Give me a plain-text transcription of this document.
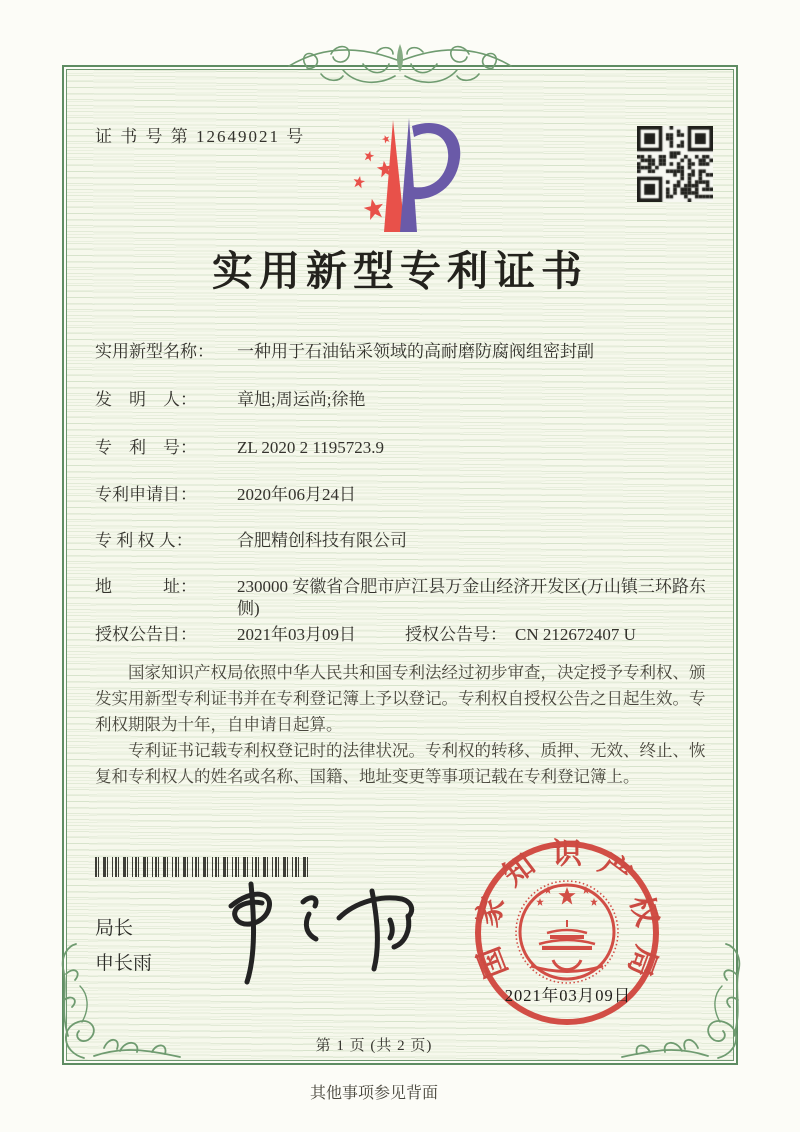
证 书 号 第 12649021 号
实用新型专利证书
实用新型名称：	一种用于石油钻采领域的高耐磨防腐阀组密封副
发　明　人：	章旭;周运尚;徐艳
专　利　号：	ZL 2020 2 1195723.9
专利申请日：	2020年06月24日
专 利 权 人：	合肥精创科技有限公司
地　　　址：	230000 安徽省合肥市庐江县万金山经济开发区(万山镇三环路东侧)
授权公告日：	2021年03月09日	授权公告号： CN 212672407 U

国家知识产权局依照中华人民共和国专利法经过初步审查，决定授予专利权、颁发实用新型专利证书并在专利登记簿上予以登记。专利权自授权公告之日起生效。专利权期限为十年，自申请日起算。

专利证书记载专利权登记时的法律状况。专利权的转移、质押、无效、终止、恢复和专利权人的姓名或名称、国籍、地址变更等事项记载在专利登记簿上。

局长
申长雨	国家知识产权局
2021年03月09日
第 1 页 (共 2 页)
其他事项参见背面
